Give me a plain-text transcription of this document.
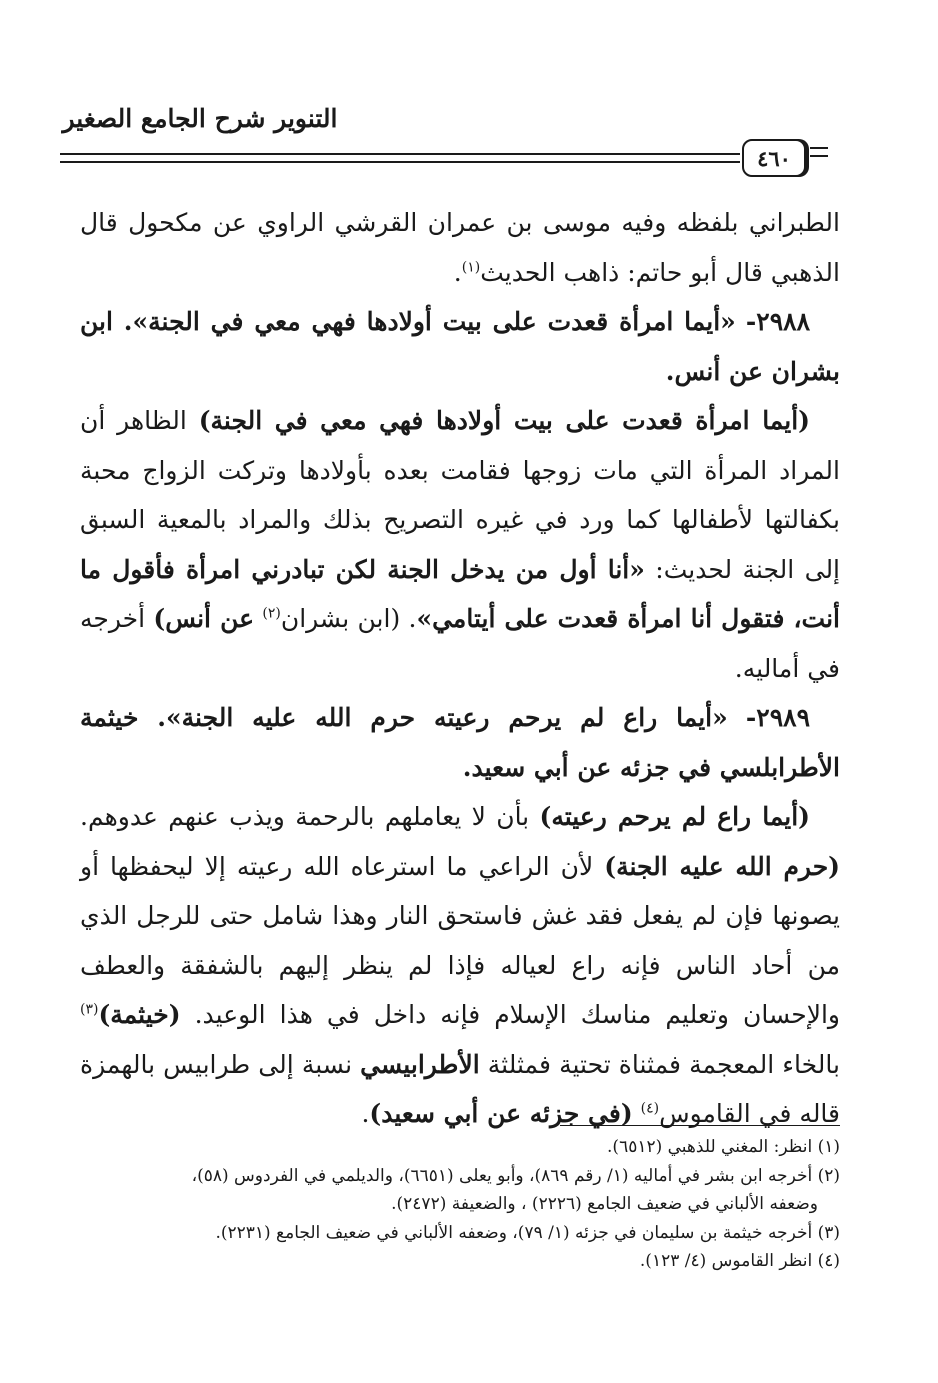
التنوير شرح الجامع الصغير
٤٦٠

الطبراني بلفظه وفيه موسى بن عمران القرشي الراوي عن مكحول قال الذهبي قال أبو حاتم: ذاهب الحديث$^{(١)}$.

٢٩٨٨- «أيما امرأة قعدت على بيت أولادها فهي معي في الجنة». ابن بشران عن أنس.

(أيما امرأة قعدت على بيت أولادها فهي معي في الجنة) الظاهر أن المراد المرأة التي مات زوجها فقامت بعده بأولادها وتركت الزواج محبة بكفالتها لأطفالها كما ورد في غيره التصريح بذلك والمراد بالمعية السبق إلى الجنة لحديث: «أنا أول من يدخل الجنة لكن تبادرني امرأة فأقول ما أنت، فتقول أنا امرأة قعدت على أيتامي». (ابن بشران$^{(٢)}$ عن أنس) أخرجه في أماليه.

٢٩٨٩- «أيما راع لم يرحم رعيته حرم الله عليه الجنة». خيثمة الأطرابلسي في جزئه عن أبي سعيد.

(أيما راع لم يرحم رعيته) بأن لا يعاملهم بالرحمة ويذب عنهم عدوهم. (حرم الله عليه الجنة) لأن الراعي ما استرعاه الله رعيته إلا ليحفظها أو يصونها فإن لم يفعل فقد غش فاستحق النار وهذا شامل حتى للرجل الذي من أحاد الناس فإنه راع لعياله فإذا لم ينظر إليهم بالشفقة والعطف والإحسان وتعليم مناسك الإسلام فإنه داخل في هذا الوعيد. (خيثمة)$^{(٣)}$ بالخاء المعجمة فمثناة تحتية فمثلثة الأطرابيسي نسبة إلى طرابيس بالهمزة قاله في القاموس$^{(٤)}$ (في جزئه عن أبي سعيد).

(١) انظر: المغني للذهبي (٦٥١٢).

(٢) أخرجه ابن بشر في أماليه (١/ رقم ٨٦٩)، وأبو يعلى (٦٦٥١)، والديلمي في الفردوس (٥٨)،

وضعفه الألباني في ضعيف الجامع (٢٢٢٦) ، والضعيفة (٢٤٧٢).

(٣) أخرجه خيثمة بن سليمان في جزئه (١/ ٧٩)، وضعفه الألباني في ضعيف الجامع (٢٢٣١).

(٤) انظر القاموس (٤/ ١٢٣).
